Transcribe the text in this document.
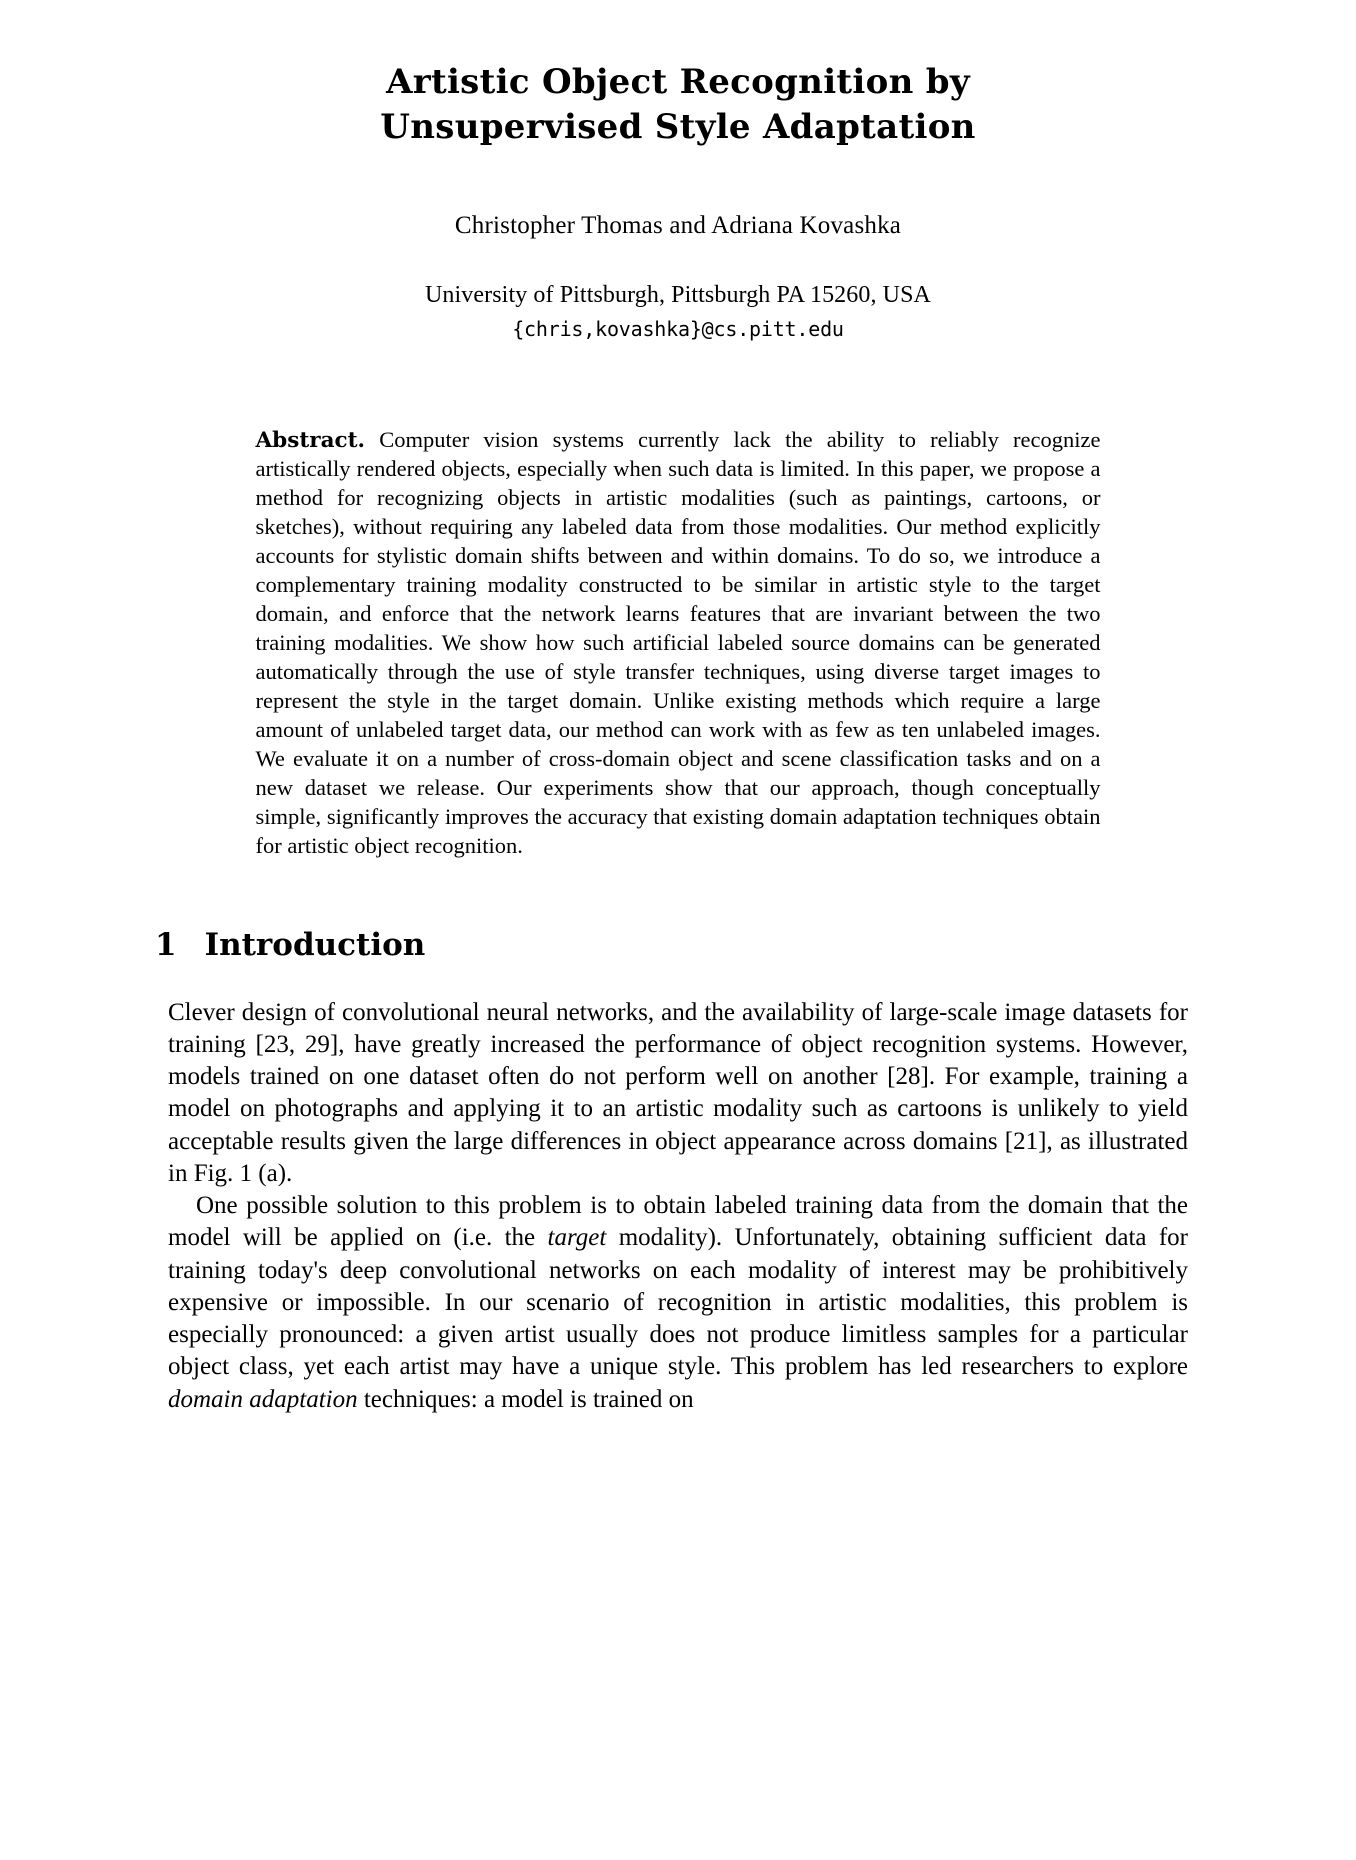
Artistic Object Recognition by
Unsupervised Style Adaptation
Christopher Thomas and Adriana Kovashka
University of Pittsburgh, Pittsburgh PA 15260, USA
{chris,kovashka}@cs.pitt.edu
Abstract. Computer vision systems currently lack the ability to reliably recognize artistically rendered objects, especially when such data is limited. In this paper, we propose a method for recognizing objects in artistic modalities (such as paintings, cartoons, or sketches), without requiring any labeled data from those modalities. Our method explicitly accounts for stylistic domain shifts between and within domains. To do so, we introduce a complementary training modality constructed to be similar in artistic style to the target domain, and enforce that the network learns features that are invariant between the two training modalities. We show how such artificial labeled source domains can be generated automatically through the use of style transfer techniques, using diverse target images to represent the style in the target domain. Unlike existing methods which require a large amount of unlabeled target data, our method can work with as few as ten unlabeled images. We evaluate it on a number of cross-domain object and scene classification tasks and on a new dataset we release. Our experiments show that our approach, though conceptually simple, significantly improves the accuracy that existing domain adaptation techniques obtain for artistic object recognition.
1 Introduction

Clever design of convolutional neural networks, and the availability of large-scale image datasets for training [23, 29], have greatly increased the performance of object recognition systems. However, models trained on one dataset often do not perform well on another [28]. For example, training a model on photographs and applying it to an artistic modality such as cartoons is unlikely to yield acceptable results given the large differences in object appearance across domains [21], as illustrated in Fig. 1 (a).

One possible solution to this problem is to obtain labeled training data from the domain that the model will be applied on (i.e. the target modality). Unfortunately, obtaining sufficient data for training today's deep convolutional networks on each modality of interest may be prohibitively expensive or impossible. In our scenario of recognition in artistic modalities, this problem is especially pronounced: a given artist usually does not produce limitless samples for a particular object class, yet each artist may have a unique style. This problem has led researchers to explore domain adaptation techniques: a model is trained on
